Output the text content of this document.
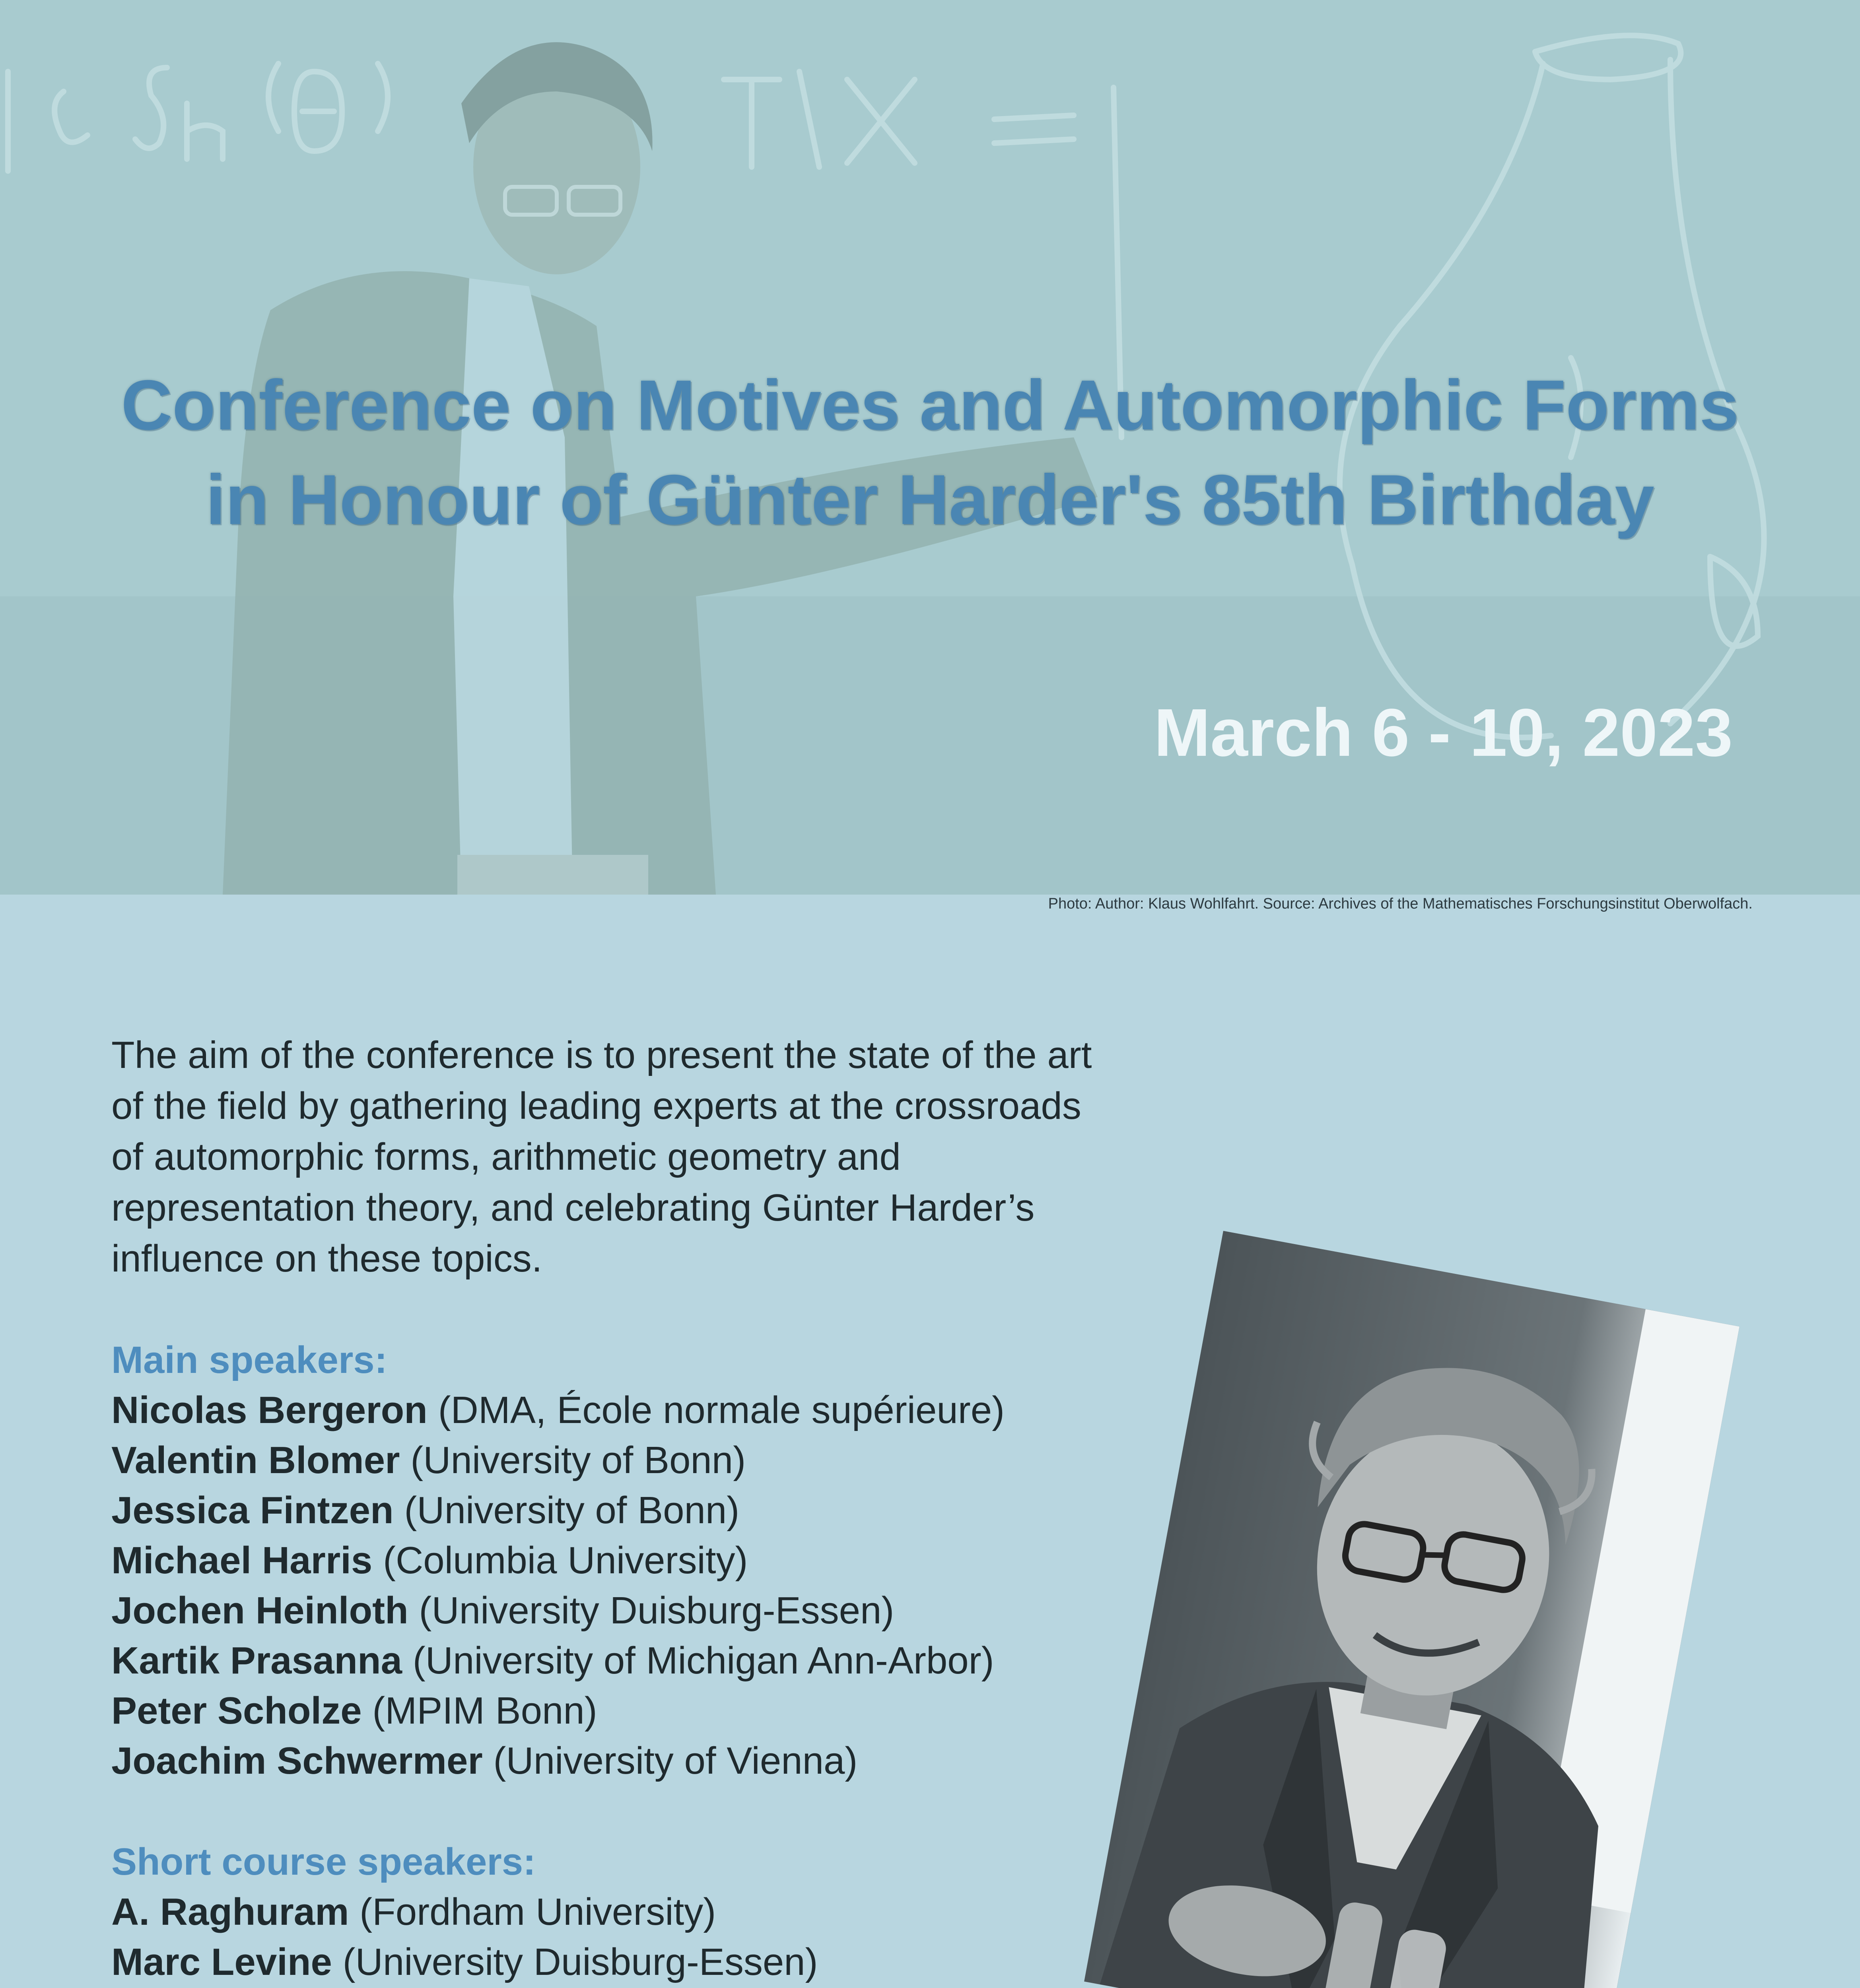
Conference on Motives and Automorphic Forms
in Honour of Günter Harder's 85th Birthday
March 6 - 10, 2023
Photo: Author: Klaus Wohlfahrt. Source: Archives of the Mathematisches Forschungsinstitut Oberwolfach.
The aim of the conference is to present the state of the art
of the field by gathering leading experts at the crossroads
of automorphic forms, arithmetic geometry and
representation theory, and celebrating Günter Harder’s
influence on these topics.
Main speakers:
Nicolas Bergeron (DMA, École normale supérieure)
Valentin Blomer (University of Bonn)
Jessica Fintzen (University of Bonn)
Michael Harris (Columbia University)
Jochen Heinloth (University Duisburg-Essen)
Kartik Prasanna (University of Michigan Ann-Arbor)
Peter Scholze (MPIM Bonn)
Joachim Schwermer (University of Vienna)
Short course speakers:
A. Raghuram (Fordham University)
Marc Levine (University Duisburg-Essen)
